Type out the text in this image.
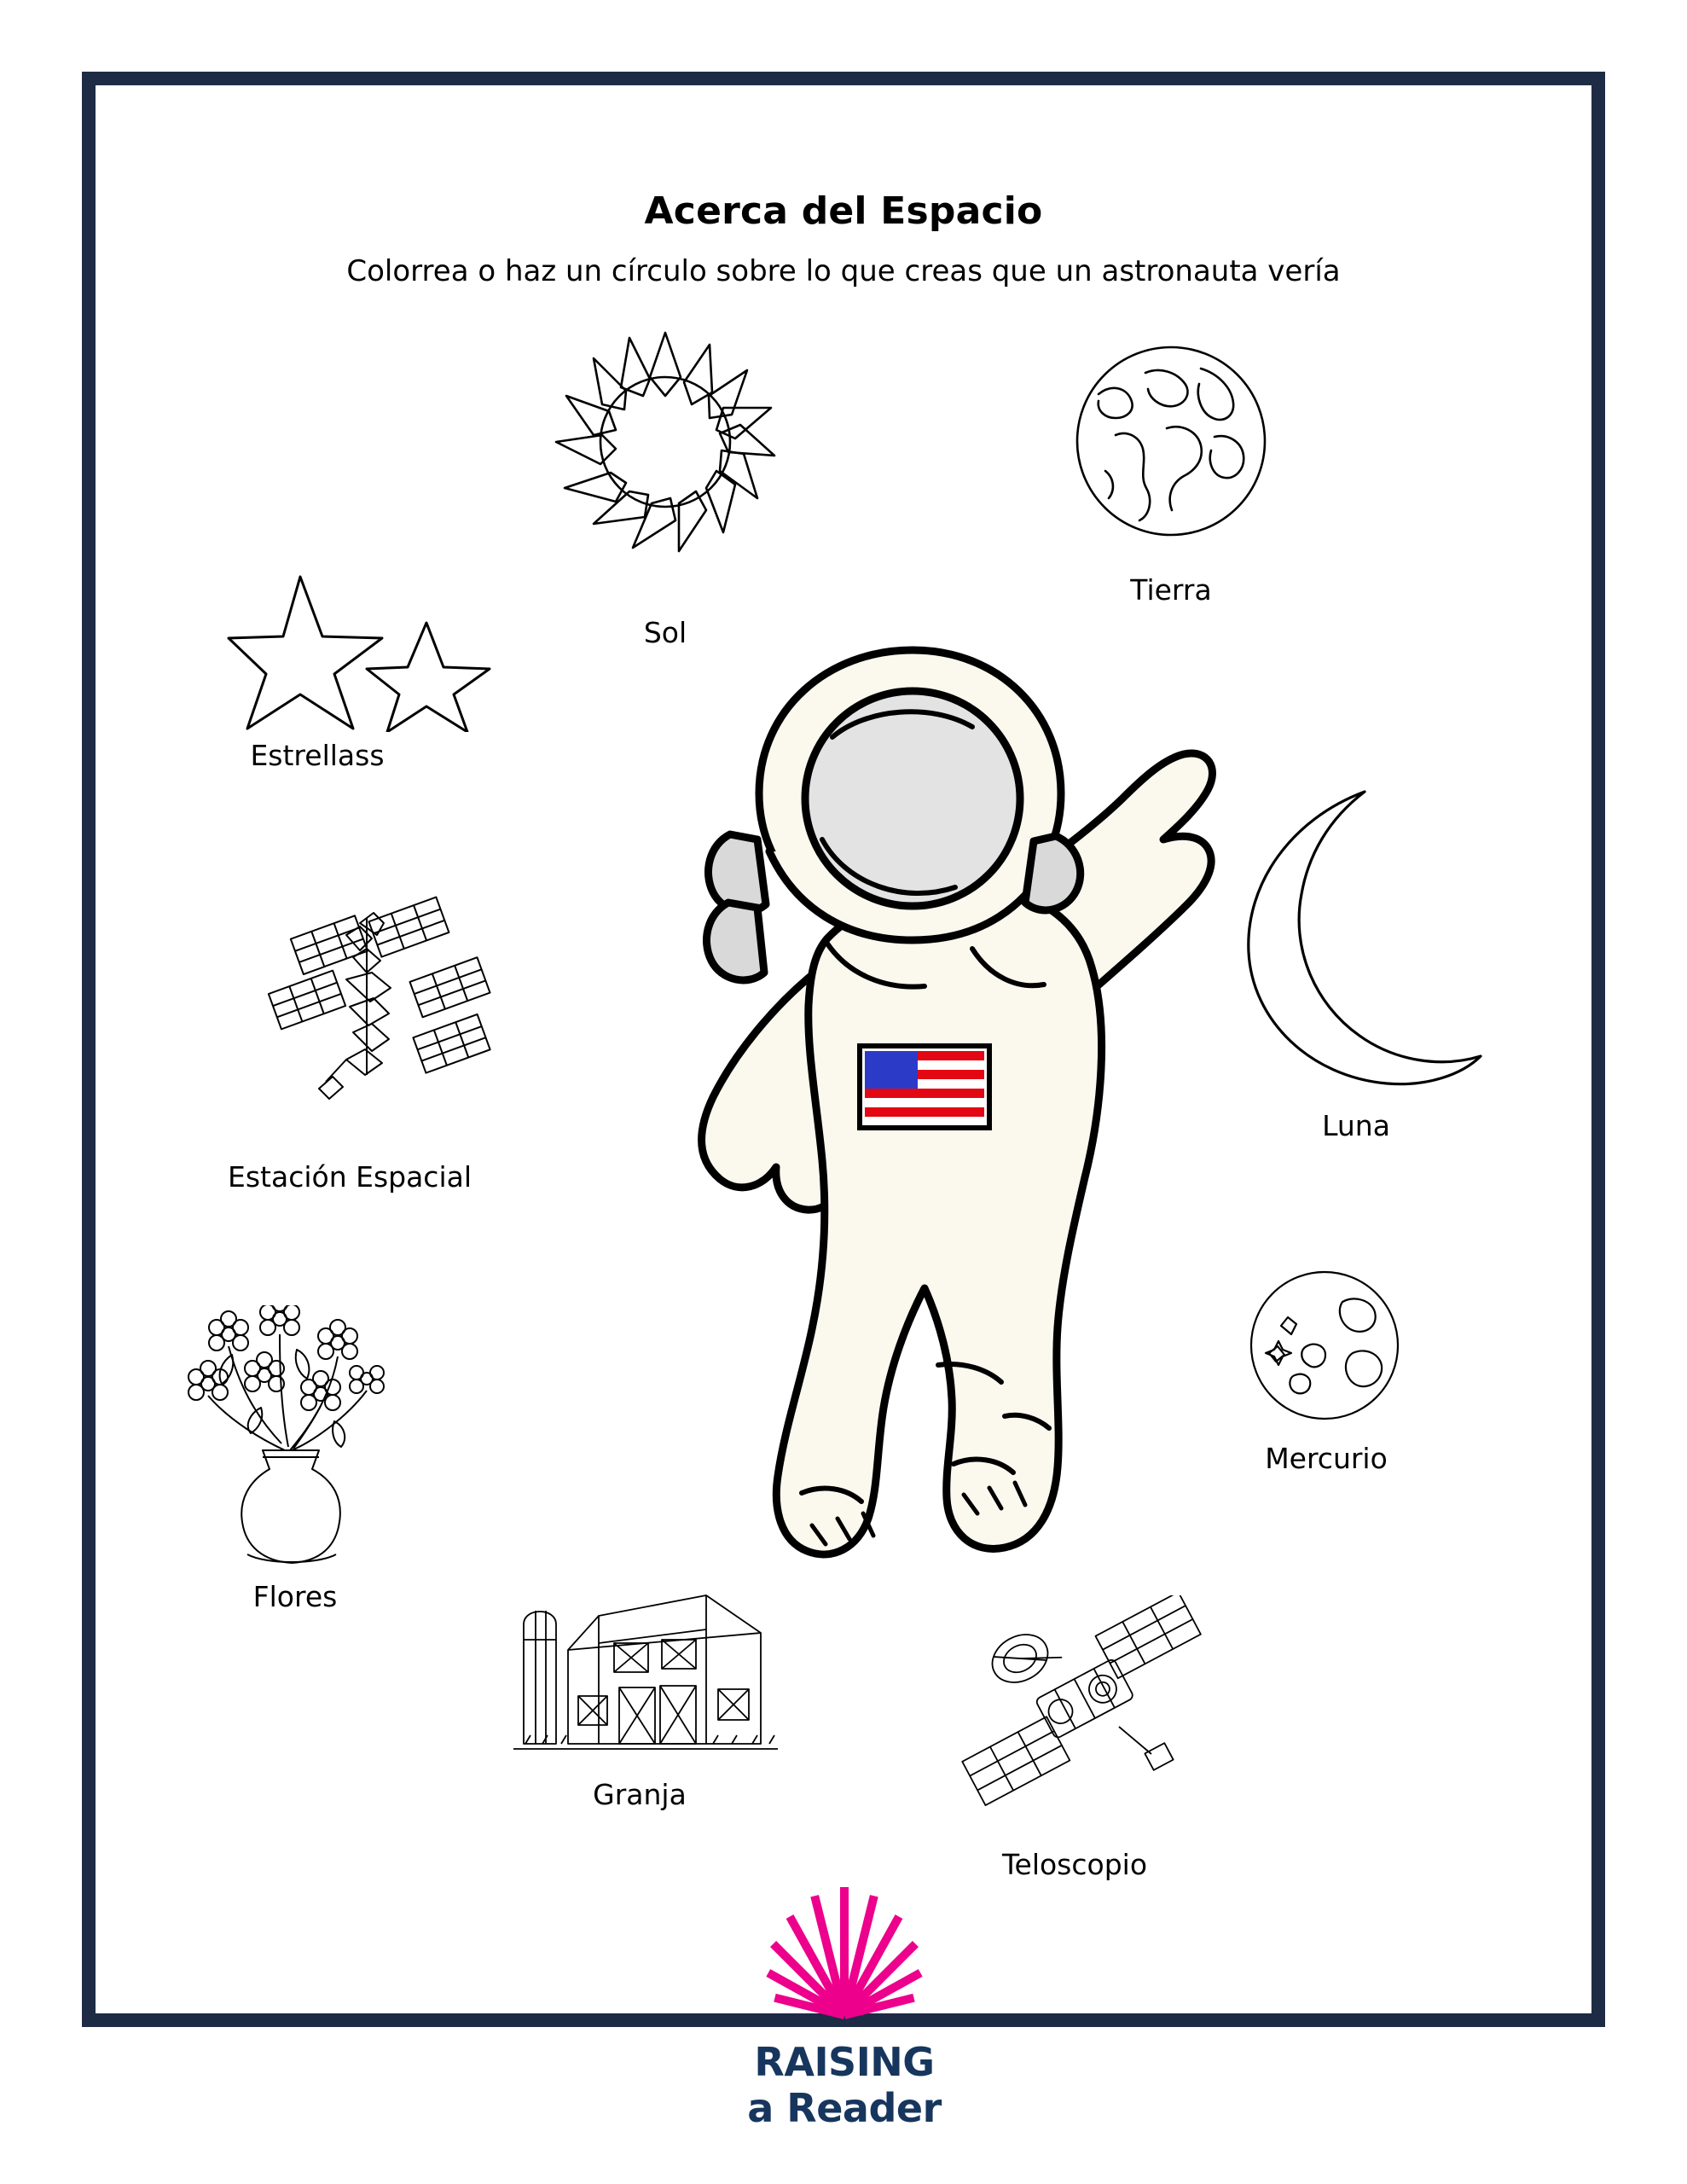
Acerca del Espacio
Colorrea o haz un círculo sobre lo que creas que un astronauta vería
Sol
Tierra
Estrellass
Estación Espacial
Luna
Mercurio
Flores
Granja
Teloscopio
RAISING
a Reader
